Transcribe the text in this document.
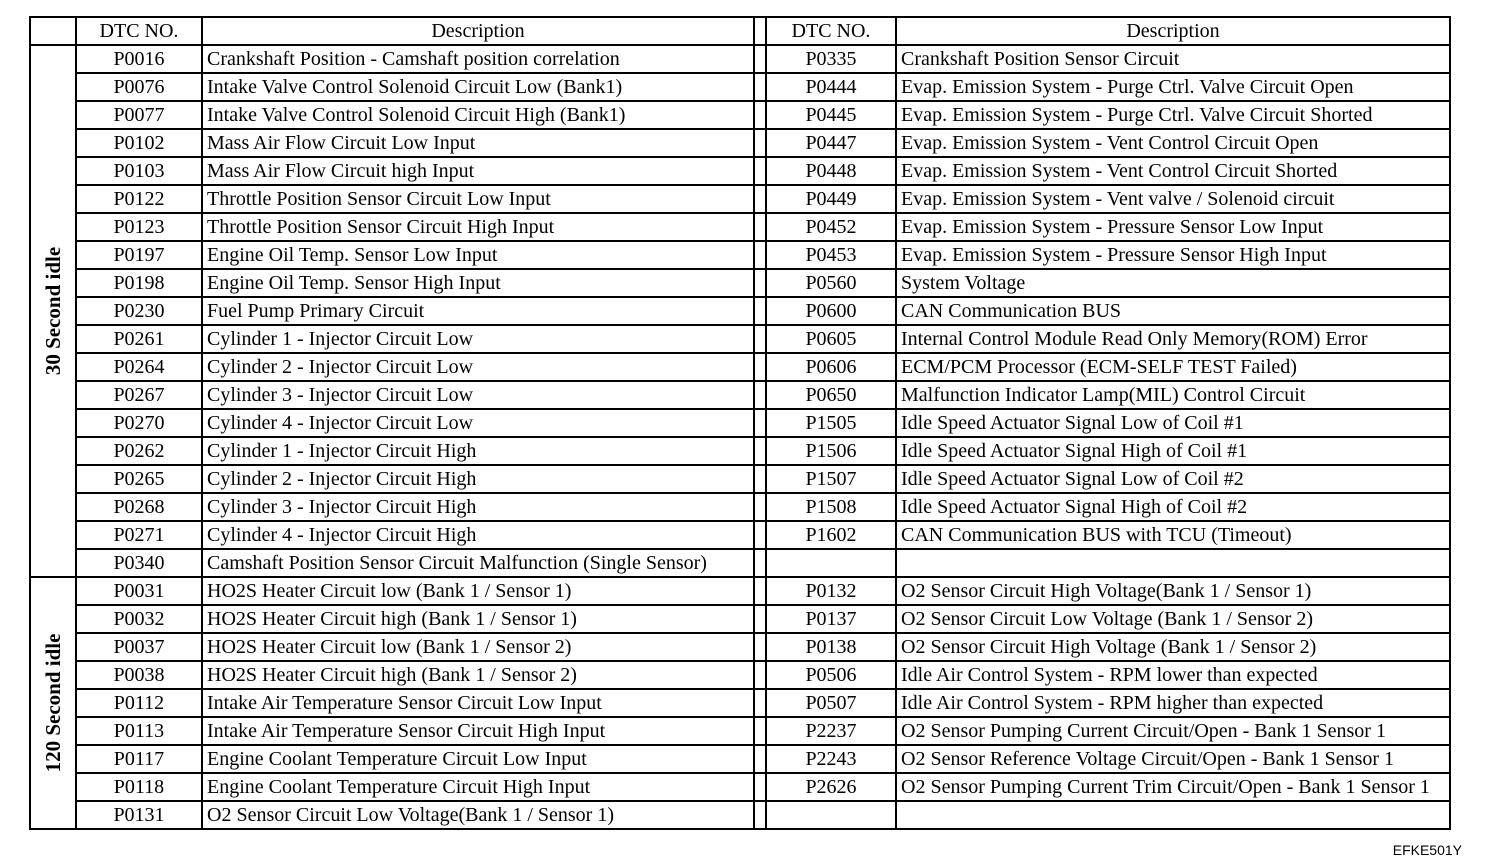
	DTC NO.	Description		DTC NO.	Description

30 Second idle	P0016	Crankshaft Position - Camshaft position correlation		P0335	Crankshaft Position Sensor Circuit
	P0076	Intake Valve Control Solenoid Circuit Low (Bank1)		P0444	Evap. Emission System - Purge Ctrl. Valve Circuit Open
	P0077	Intake Valve Control Solenoid Circuit High (Bank1)		P0445	Evap. Emission System - Purge Ctrl. Valve Circuit Shorted
	P0102	Mass Air Flow Circuit Low Input		P0447	Evap. Emission System - Vent Control Circuit Open
	P0103	Mass Air Flow Circuit high Input		P0448	Evap. Emission System - Vent Control Circuit Shorted
	P0122	Throttle Position Sensor Circuit Low Input		P0449	Evap. Emission System - Vent valve / Solenoid circuit
	P0123	Throttle Position Sensor Circuit High Input		P0452	Evap. Emission System - Pressure Sensor Low Input
	P0197	Engine Oil Temp. Sensor Low Input		P0453	Evap. Emission System - Pressure Sensor High Input
	P0198	Engine Oil Temp. Sensor High Input		P0560	System Voltage
	P0230	Fuel Pump Primary Circuit		P0600	CAN Communication BUS
	P0261	Cylinder 1 - Injector Circuit Low		P0605	Internal Control Module Read Only Memory(ROM) Error
	P0264	Cylinder 2 - Injector Circuit Low		P0606	ECM/PCM Processor (ECM-SELF TEST Failed)
	P0267	Cylinder 3 - Injector Circuit Low		P0650	Malfunction Indicator Lamp(MIL) Control Circuit
	P0270	Cylinder 4 - Injector Circuit Low		P1505	Idle Speed Actuator Signal Low of Coil #1
	P0262	Cylinder 1 - Injector Circuit High		P1506	Idle Speed Actuator Signal High of Coil #1
	P0265	Cylinder 2 - Injector Circuit High		P1507	Idle Speed Actuator Signal Low of Coil #2
	P0268	Cylinder 3 - Injector Circuit High		P1508	Idle Speed Actuator Signal High of Coil #2
	P0271	Cylinder 4 - Injector Circuit High		P1602	CAN Communication BUS with TCU (Timeout)
	P0340	Camshaft Position Sensor Circuit Malfunction (Single Sensor)			

120 Second idle	P0031	HO2S Heater Circuit low (Bank 1 / Sensor 1)		P0132	O2 Sensor Circuit High Voltage(Bank 1 / Sensor 1)
	P0032	HO2S Heater Circuit high (Bank 1 / Sensor 1)		P0137	O2 Sensor Circuit Low Voltage (Bank 1 / Sensor 2)
	P0037	HO2S Heater Circuit low (Bank 1 / Sensor 2)		P0138	O2 Sensor Circuit High Voltage (Bank 1 / Sensor 2)
	P0038	HO2S Heater Circuit high (Bank 1 / Sensor 2)		P0506	Idle Air Control System - RPM lower than expected
	P0112	Intake Air Temperature Sensor Circuit Low Input		P0507	Idle Air Control System - RPM higher than expected
	P0113	Intake Air Temperature Sensor Circuit High Input		P2237	O2 Sensor Pumping Current Circuit/Open - Bank 1 Sensor 1
	P0117	Engine Coolant Temperature Circuit Low Input		P2243	O2 Sensor Reference Voltage Circuit/Open - Bank 1 Sensor 1
	P0118	Engine Coolant Temperature Circuit High Input		P2626	O2 Sensor Pumping Current Trim Circuit/Open - Bank 1 Sensor 1
	P0131	O2 Sensor Circuit Low Voltage(Bank 1 / Sensor 1)			
EFKE501Y
